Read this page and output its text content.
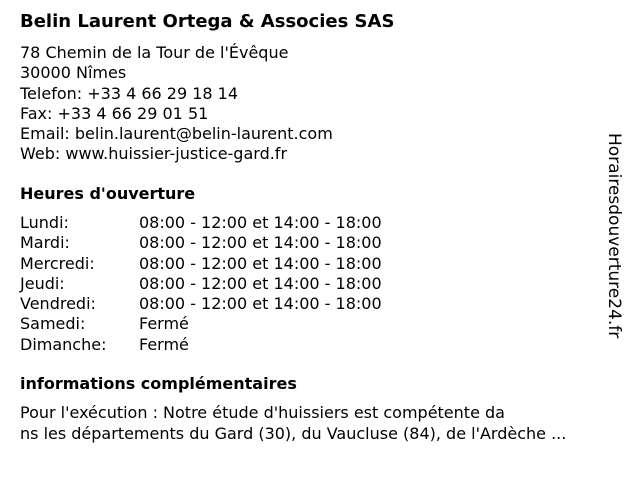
Belin Laurent Ortega & Associes SAS
78 Chemin de la Tour de l'Évêque
30000 Nîmes
Telefon: +33 4 66 29 18 14
Fax: +33 4 66 29 01 51
Email: belin.laurent@belin-laurent.com
Web: www.huissier-justice-gard.fr
Heures d'ouverture
Lundi:	08:00 - 12:00 et 14:00 - 18:00
Mardi:	08:00 - 12:00 et 14:00 - 18:00
Mercredi:	08:00 - 12:00 et 14:00 - 18:00
Jeudi:	08:00 - 12:00 et 14:00 - 18:00
Vendredi:	08:00 - 12:00 et 14:00 - 18:00
Samedi:	Fermé
Dimanche:	Fermé
informations complémentaires
Pour l'exécution : Notre étude d'huissiers est compétente da
ns les départements du Gard (30), du Vaucluse (84), de l'Ardèche ...
Horairesdouverture24.fr
